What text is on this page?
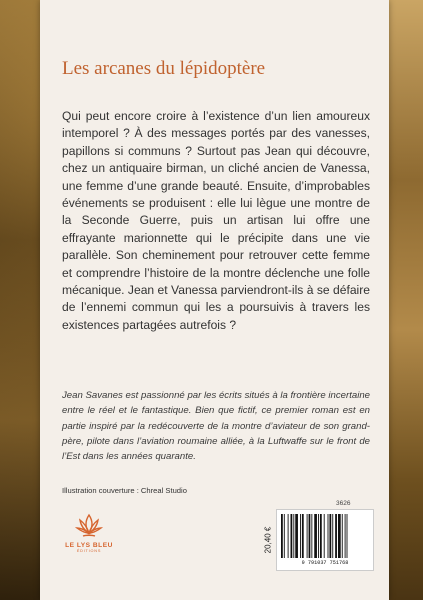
Les arcanes du lépidoptère

Qui peut encore croire à l’existence d’un lien amoureux intemporel ? À des messages portés par des vanesses, papillons si communs ? Surtout pas Jean qui découvre, chez un antiquaire birman, un cliché ancien de Vanessa, une femme d’une grande beauté. Ensuite, d’improbables événements se produisent : elle lui lègue une montre de la Seconde Guerre, puis un artisan lui offre une effrayante marionnette qui le précipite dans une vie parallèle. Son cheminement pour retrouver cette femme et comprendre l’histoire de la montre déclenche une folle mécanique. Jean et Vanessa parviendront-ils à se défaire de l’ennemi commun qui les a poursuivis à travers les existences partagées autrefois ?

Jean Savanes est passionné par les écrits situés à la frontière incertaine entre le réel et le fantastique. Bien que fictif, ce premier roman est en partie inspiré par la redécouverte de la montre d’aviateur de son grand-père, pilote dans l’aviation roumaine alliée, à la Luftwaffe sur le front de l’Est dans les années quarante.

Illustration couverture : Chreal Studio

3626
LE LYS BLEU
ÉDITIONS	20,40 €
9 791037 751768
